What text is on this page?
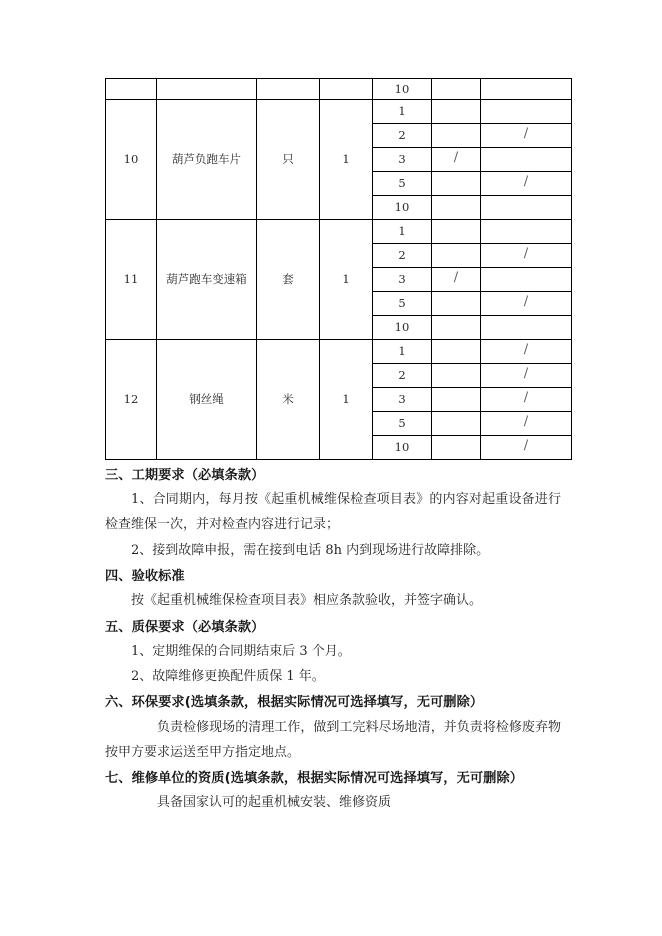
				10		
10	葫芦负跑车片	只	1	1		
				2		/
				3	/	
				5		/
				10		
11	葫芦跑车变速箱	套	1	1		
				2		/
				3	/	
				5		/
				10		
12	钢丝绳	米	1	1		/
				2		/
				3		/
				5		/
				10		/
三、工期要求（必填条款）

1、合同期内，每月按《起重机械维保检查项目表》的内容对起重设备进行检查维保一次，并对检查内容进行记录；

2、接到故障申报，需在接到电话 8h 内到现场进行故障排除。

四、验收标准

按《起重机械维保检查项目表》相应条款验收，并签字确认。

五、质保要求（必填条款）

1、定期维保的合同期结束后 3 个月。

2、故障维修更换配件质保 1 年。

六、环保要求(选填条款，根据实际情况可选择填写，无可删除）

负责检修现场的清理工作，做到工完料尽场地清，并负责将检修废弃物按甲方要求运送至甲方指定地点。

七、维修单位的资质(选填条款，根据实际情况可选择填写，无可删除）

具备国家认可的起重机械安装、维修资质
